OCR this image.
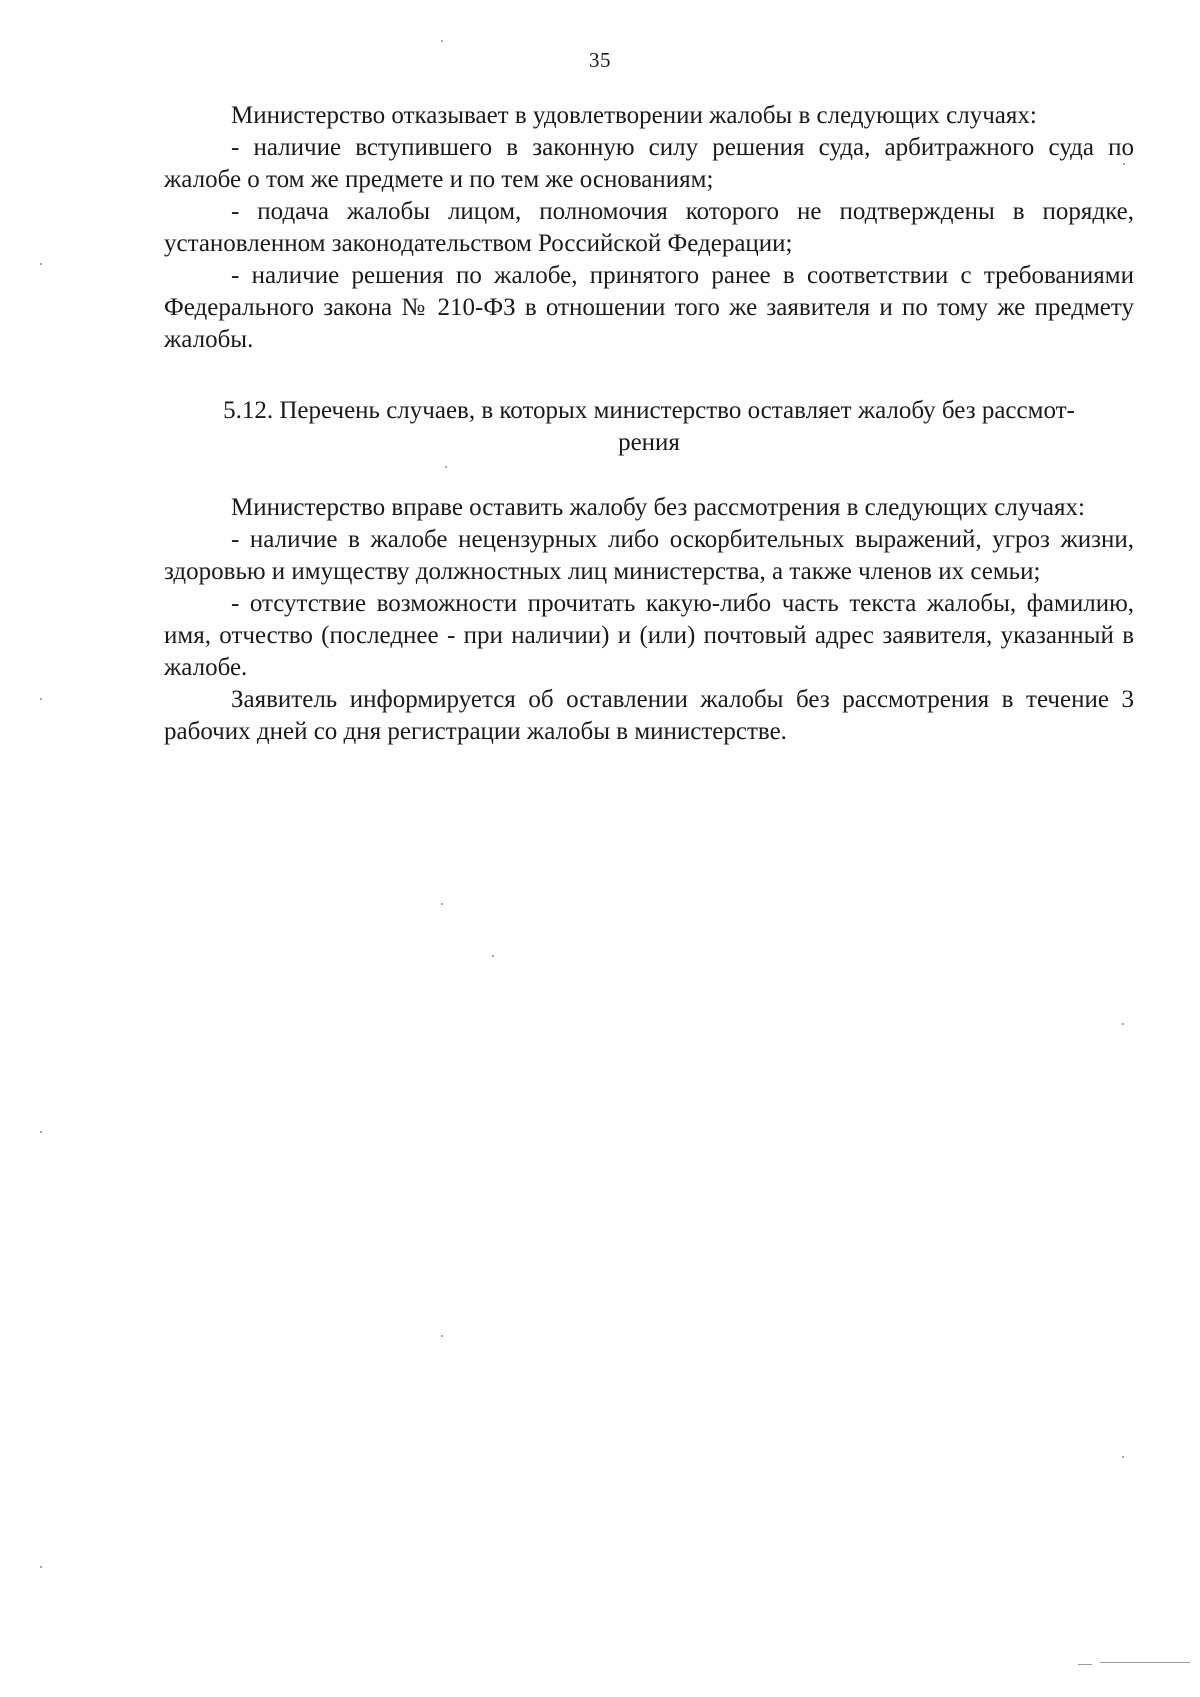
35

Министерство отказывает в удовлетворении жалобы в следующих случаях:

- наличие вступившего в законную силу решения суда, арбитражного суда по жалобе о том же предмете и по тем же основаниям;

- подача жалобы лицом, полномочия которого не подтверждены в порядке, установленном законодательством Российской Федерации;

- наличие решения по жалобе, принятого ранее в соответствии с требованиями Федерального закона № 210-ФЗ в отношении того же заявителя и по тому же предмету жалобы.

5.12. Перечень случаев, в которых министерство оставляет жалобу без рассмот-
рения

Министерство вправе оставить жалобу без рассмотрения в следующих случаях:

- наличие в жалобе нецензурных либо оскорбительных выражений, угроз жизни, здоровью и имуществу должностных лиц министерства, а также членов их семьи;

- отсутствие возможности прочитать какую-либо часть текста жалобы, фамилию, имя, отчество (последнее - при наличии) и (или) почтовый адрес заявителя, указанный в жалобе.

Заявитель информируется об оставлении жалобы без рассмотрения в течение 3 рабочих дней со дня регистрации жалобы в министерстве.
